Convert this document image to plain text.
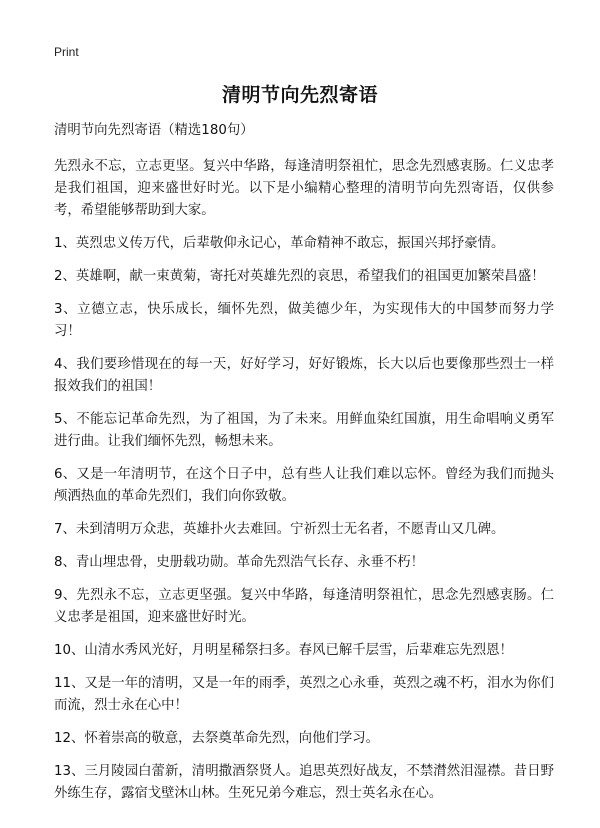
Print
清明节向先烈寄语

清明节向先烈寄语（精选180句）

先烈永不忘，立志更坚。复兴中华路，每逢清明祭祖忙，思念先烈感衷肠。仁义忠孝是我们祖国，迎来盛世好时光。以下是小编精心整理的清明节向先烈寄语，仅供参考，希望能够帮助到大家。

1、英烈忠义传万代，后辈敬仰永记心，革命精神不敢忘，振国兴邦抒豪情。

2、英雄啊，献一束黄菊，寄托对英雄先烈的哀思，希望我们的祖国更加繁荣昌盛！

3、立德立志，快乐成长，缅怀先烈，做美德少年，为实现伟大的中国梦而努力学习！

4、我们要珍惜现在的每一天，好好学习，好好锻炼，长大以后也要像那些烈士一样报效我们的祖国！

5、不能忘记革命先烈，为了祖国，为了未来。用鲜血染红国旗，用生命唱响义勇军进行曲。让我们缅怀先烈，畅想未来。

6、又是一年清明节，在这个日子中，总有些人让我们难以忘怀。曾经为我们而抛头颅洒热血的革命先烈们，我们向你致敬。

7、未到清明万众悲，英雄扑火去难回。宁祈烈士无名者，不愿青山又几碑。

8、青山埋忠骨，史册载功勋。革命先烈浩气长存、永垂不朽！

9、先烈永不忘，立志更坚强。复兴中华路，每逢清明祭祖忙，思念先烈感衷肠。仁义忠孝是祖国，迎来盛世好时光。

10、山清水秀风光好，月明星稀祭扫多。春风已解千层雪，后辈难忘先烈恩！

11、又是一年的清明，又是一年的雨季，英烈之心永垂，英烈之魂不朽，泪水为你们而流，烈士永在心中！

12、怀着崇高的敬意，去祭奠革命先烈，向他们学习。

13、三月陵园白蕾新，清明撒酒祭贤人。追思英烈好战友，不禁潸然泪湿襟。昔日野外练生存，露宿戈壁沐山林。生死兄弟今难忘，烈士英名永在心。
